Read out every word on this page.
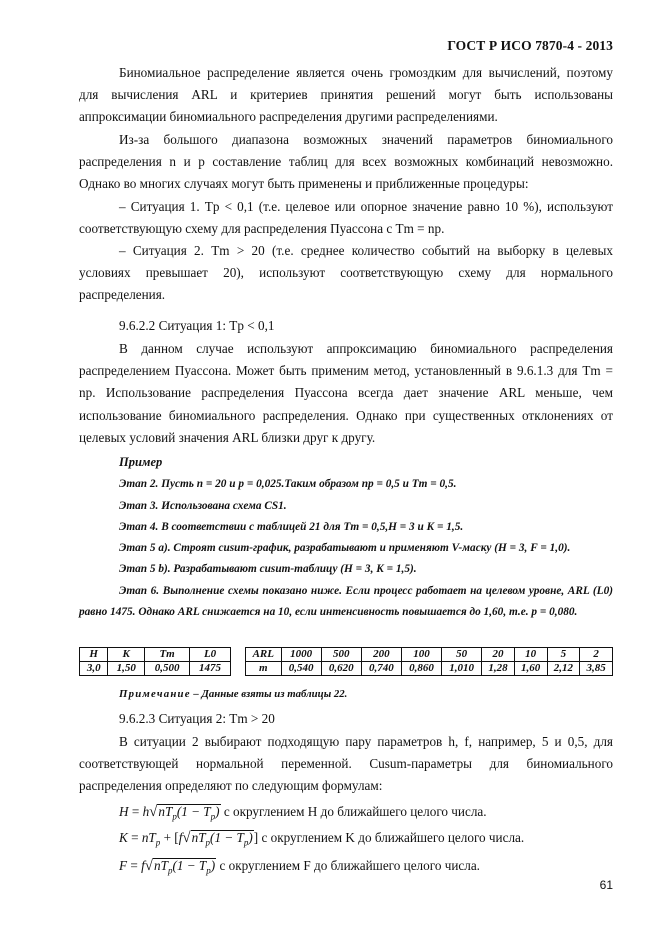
ГОСТ Р ИСО 7870-4 - 2013
Биномиальное распределение является очень громоздким для вычислений, поэтому для вычисления ARL и критериев принятия решений могут быть использованы аппроксимации биномиального распределения другими распределениями.
Из-за большого диапазона возможных значений параметров биномиального распределения n и p составление таблиц для всех возможных комбинаций невозможно. Однако во многих случаях могут быть применены и приближенные процедуры:
– Ситуация 1. Tp < 0,1 (т.е. целевое или опорное значение равно 10 %), используют соответствующую схему для распределения Пуассона с Tm = np.
– Ситуация 2. Tm > 20 (т.е. среднее количество событий на выборку в целевых условиях превышает 20), используют соответствующую схему для нормального распределения.
9.6.2.2 Ситуация 1: Tp < 0,1
В данном случае используют аппроксимацию биномиального распределения распределением Пуассона. Может быть применим метод, установленный в 9.6.1.3 для Tm = np. Использование распределения Пуассона всегда дает значение ARL меньше, чем использование биномиального распределения. Однако при существенных отклонениях от целевых условий значения ARL близки друг к другу.
Пример
Этап 2. Пусть n = 20 и p = 0,025.Таким образом np = 0,5 и Tm = 0,5.
Этап 3. Использована схема CS1.
Этап 4. В соответствии с таблицей 21 для Tm = 0,5,H = 3 и K = 1,5.
Этап 5 a). Строят cusum-график, разрабатывают и применяют V-маску (H = 3, F = 1,0).
Этап 5 b). Разрабатывают cusum-таблицу (H = 3, K = 1,5).
Этап 6. Выполнение схемы показано ниже. Если процесс работает на целевом уровне, ARL (L0) равно 1475. Однако ARL снижается на 10, если интенсивность повышается до 1,60, т.е. p = 0,080.
H	K	Tm	L0
3,0	1,50	0,500	1475
ARL	1000	500	200	100	50	20	10	5	2
m	0,540	0,620	0,740	0,860	1,010	1,28	1,60	2,12	3,85
Примечание – Данные взяты из таблицы 22.
9.6.2.3 Ситуация 2: Tm > 20
В ситуации 2 выбирают подходящую пару параметров h, f, например, 5 и 0,5, для соответствующей нормальной переменной. Cusum-параметры для биномиального распределения определяют по следующим формулам:
$H = h√nT_p(1 - T_p)$ с округлением H до ближайшего целого числа.
$K = nT_p + [f√nT_p(1 - T_p)]$ с округлением K до ближайшего целого числа.
$F = f√nT_p(1 - T_p)$ с округлением F до ближайшего целого числа.
61
